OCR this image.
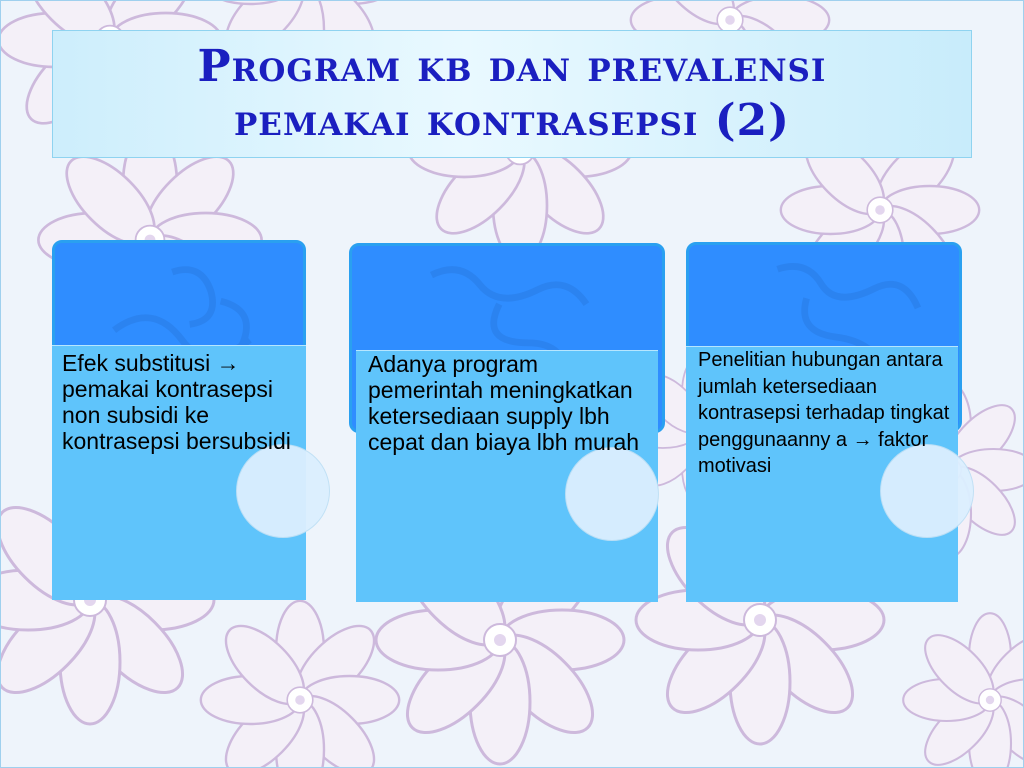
Program kb dan prevalensi
pemakai kontrasepsi (2)

Efek substitusi → pemakai kontrasepsi non subsidi ke kontrasepsi bersubsidi

Adanya program pemerintah meningkatkan ketersediaan supply lbh cepat dan biaya lbh murah

Penelitian hubungan antara jumlah ketersediaan kontrasepsi terhadap tingkat penggunaanny a → faktor motivasi
